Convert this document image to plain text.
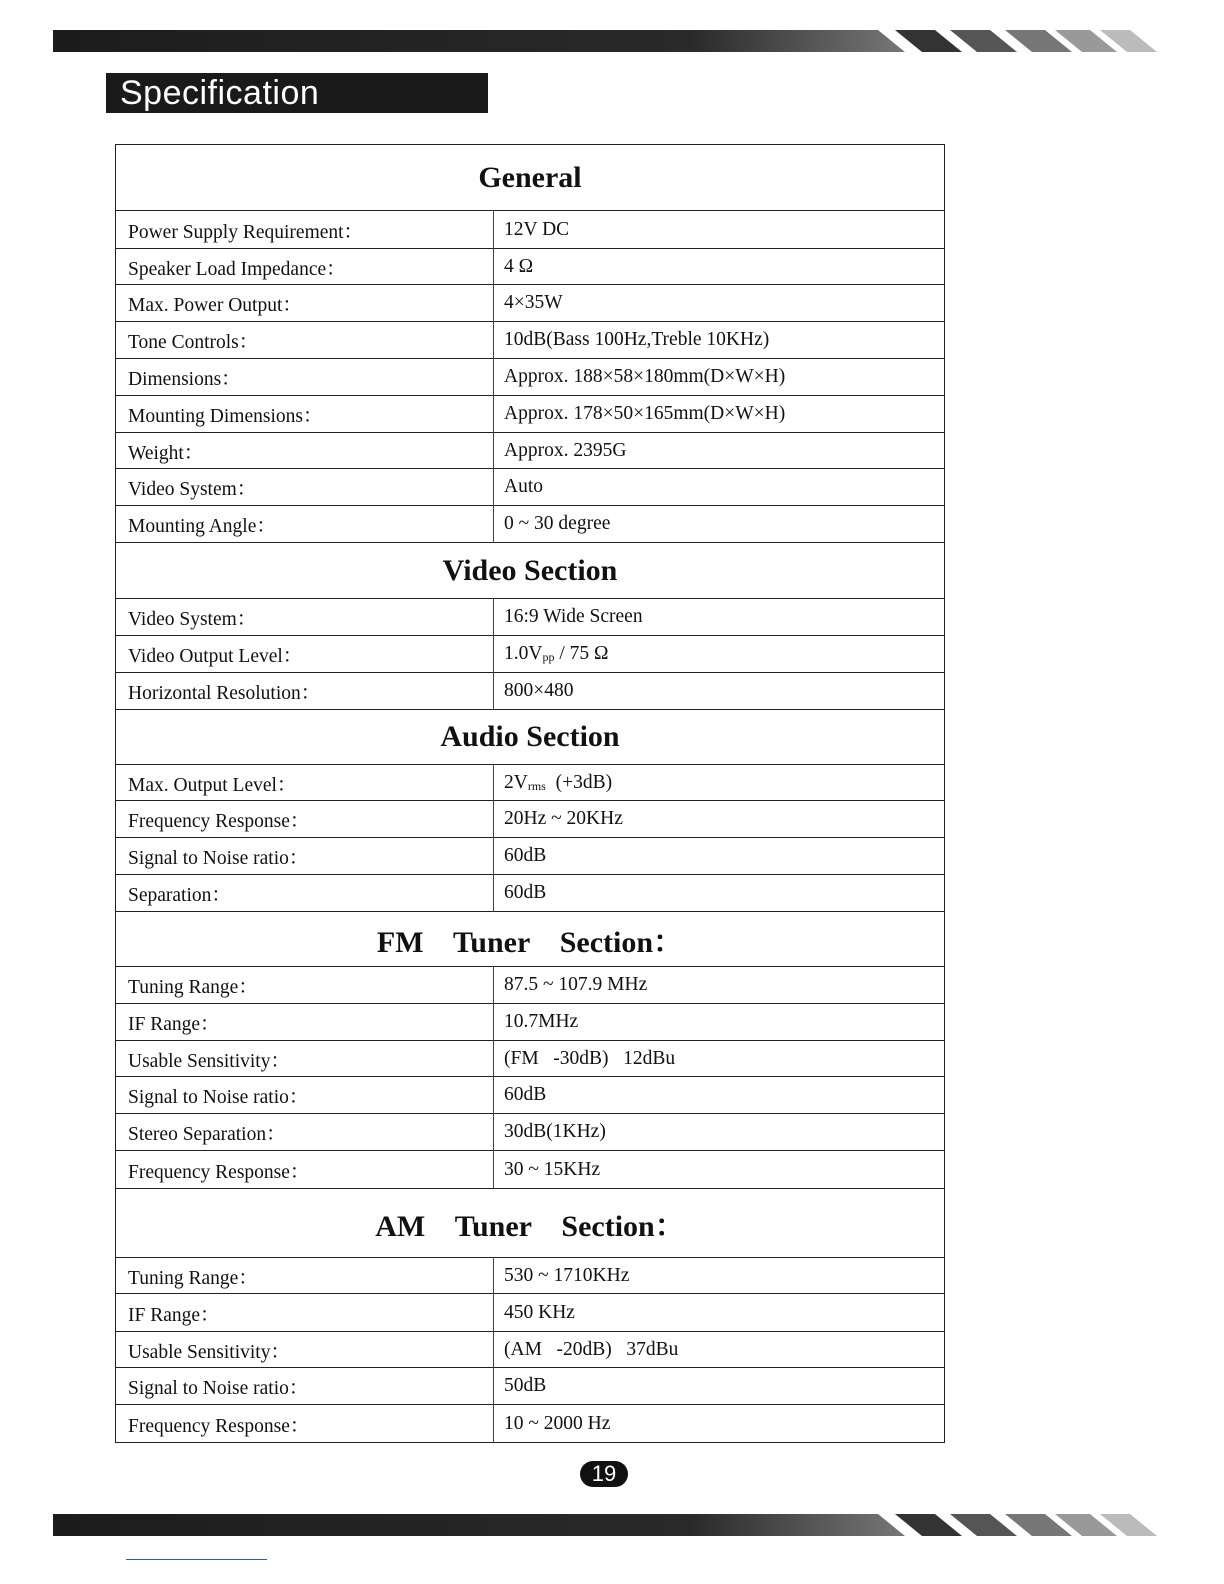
Specification
General	
Power Supply Requirement：	12V DC
Speaker Load Impedance：	4 Ω
Max. Power Output：	4×35W
Tone Controls：	10dB(Bass 100Hz,Treble 10KHz)
Dimensions：	Approx. 188×58×180mm(D×W×H)
Mounting Dimensions：	Approx. 178×50×165mm(D×W×H)
Weight：	Approx. 2395G
Video System：	Auto
Mounting Angle：	0 ~ 30 degree
Video Section	
Video System：	16:9 Wide Screen
Video Output Level：	$1.0V_{pp} / 75$ Ω
Horizontal Resolution：	800×480
Audio Section	
Max. Output Level：	$2V_{rms}$  (+3dB)
Frequency Response：	20Hz ~ 20KHz
Signal to Noise ratio：	60dB
Separation：	60dB
FM    Tuner    Section：	
Tuning Range：	87.5 ~ 107.9 MHz
IF Range：	10.7MHz
Usable Sensitivity：	(FM   -30dB)   12dBu
Signal to Noise ratio：	60dB
Stereo Separation：	30dB(1KHz)
Frequency Response：	30 ~ 15KHz
AM    Tuner    Section：	
Tuning Range：	530 ~ 1710KHz
IF Range：	450 KHz
Usable Sensitivity：	(AM   -20dB)   37dBu
Signal to Noise ratio：	50dB
Frequency Response：	10 ~ 2000 Hz
19
